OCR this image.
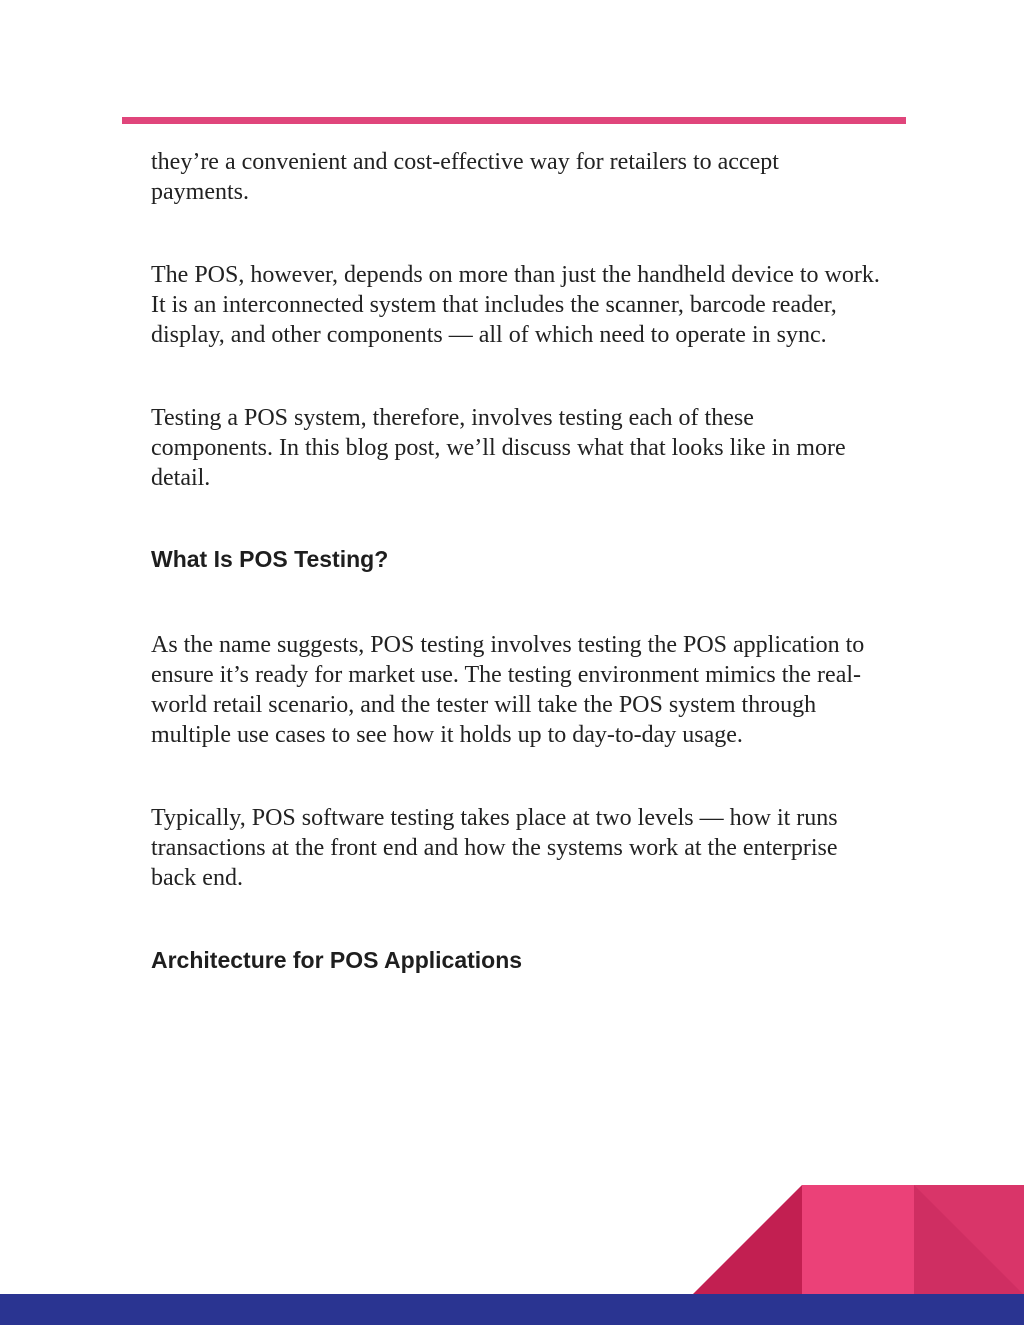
they’re a convenient and cost-effective way for retailers to accept payments.

The POS, however, depends on more than just the handheld device to work. It is an interconnected system that includes the scanner, barcode reader, display, and other components — all of which need to operate in sync.

Testing a POS system, therefore, involves testing each of these components. In this blog post, we’ll discuss what that looks like in more detail.

What Is POS Testing?

As the name suggests, POS testing involves testing the POS application to ensure it’s ready for market use. The testing environment mimics the real-world retail scenario, and the tester will take the POS system through multiple use cases to see how it holds up to day-to-day usage.

Typically, POS software testing takes place at two levels — how it runs transactions at the front end and how the systems work at the enterprise back end.

Architecture for POS Applications
